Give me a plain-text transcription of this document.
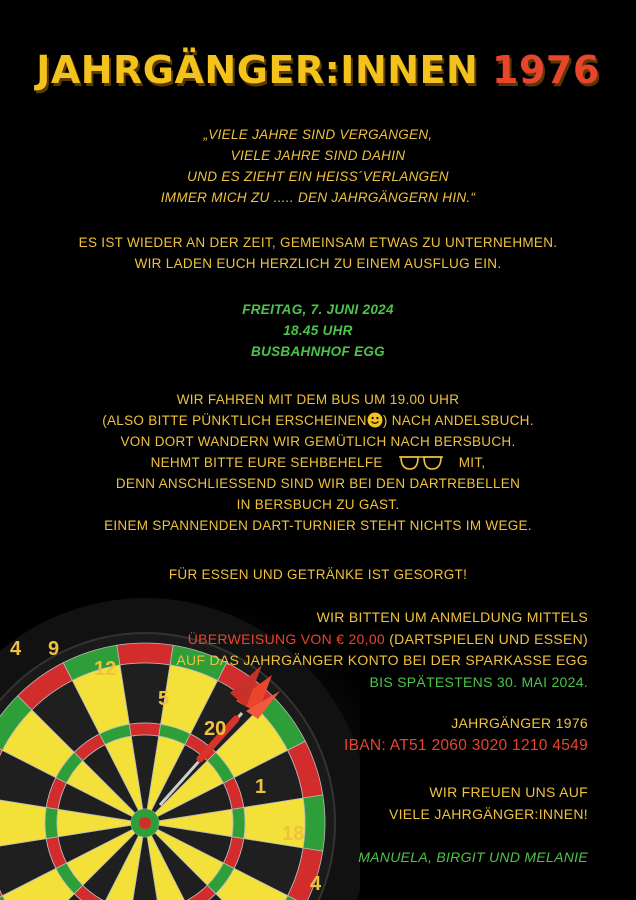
JAHRGÄNGER:INNEN 1976
„VIELE JAHRE SIND VERGANGEN,
VIELE JAHRE SIND DAHIN
UND ES ZIEHT EIN HEISS´VERLANGEN
IMMER MICH ZU ..... DEN JAHRGÄNGERN HIN.“
ES IST WIEDER AN DER ZEIT, GEMEINSAM ETWAS ZU UNTERNEHMEN.
WIR LADEN EUCH HERZLICH ZU EINEM AUSFLUG EIN.
FREITAG, 7. JUNI 2024
18.45 UHR
BUSBAHNHOF EGG
WIR FAHREN MIT DEM BUS UM 19.00 UHR
(ALSO BITTE PÜNKTLICH ERSCHEINEN ) NACH ANDELSBUCH.
VON DORT WANDERN WIR GEMÜTLICH NACH BERSBUCH.
NEHMT BITTE EURE SEHBEHELFE	MIT,
DENN ANSCHLIESSEND SIND WIR BEI DEN DARTREBELLEN
IN BERSBUCH ZU GAST.
EINEM SPANNENDEN DART-TURNIER STEHT NICHTS IM WEGE.
FÜR ESSEN UND GETRÄNKE IST GESORGT!
4 9
12
5
20
1
18
4
WIR BITTEN UM ANMELDUNG MITTELS
ÜBERWEISUNG VON € 20,00 (DARTSPIELEN UND ESSEN)
AUF DAS JAHRGÄNGER KONTO BEI DER SPARKASSE EGG
BIS SPÄTESTENS 30. MAI 2024.
JAHRGÄNGER 1976
IBAN: AT51 2060 3020 1210 4549
WIR FREUEN UNS AUF
VIELE JAHRGÄNGER:INNEN!
MANUELA, BIRGIT UND MELANIE
